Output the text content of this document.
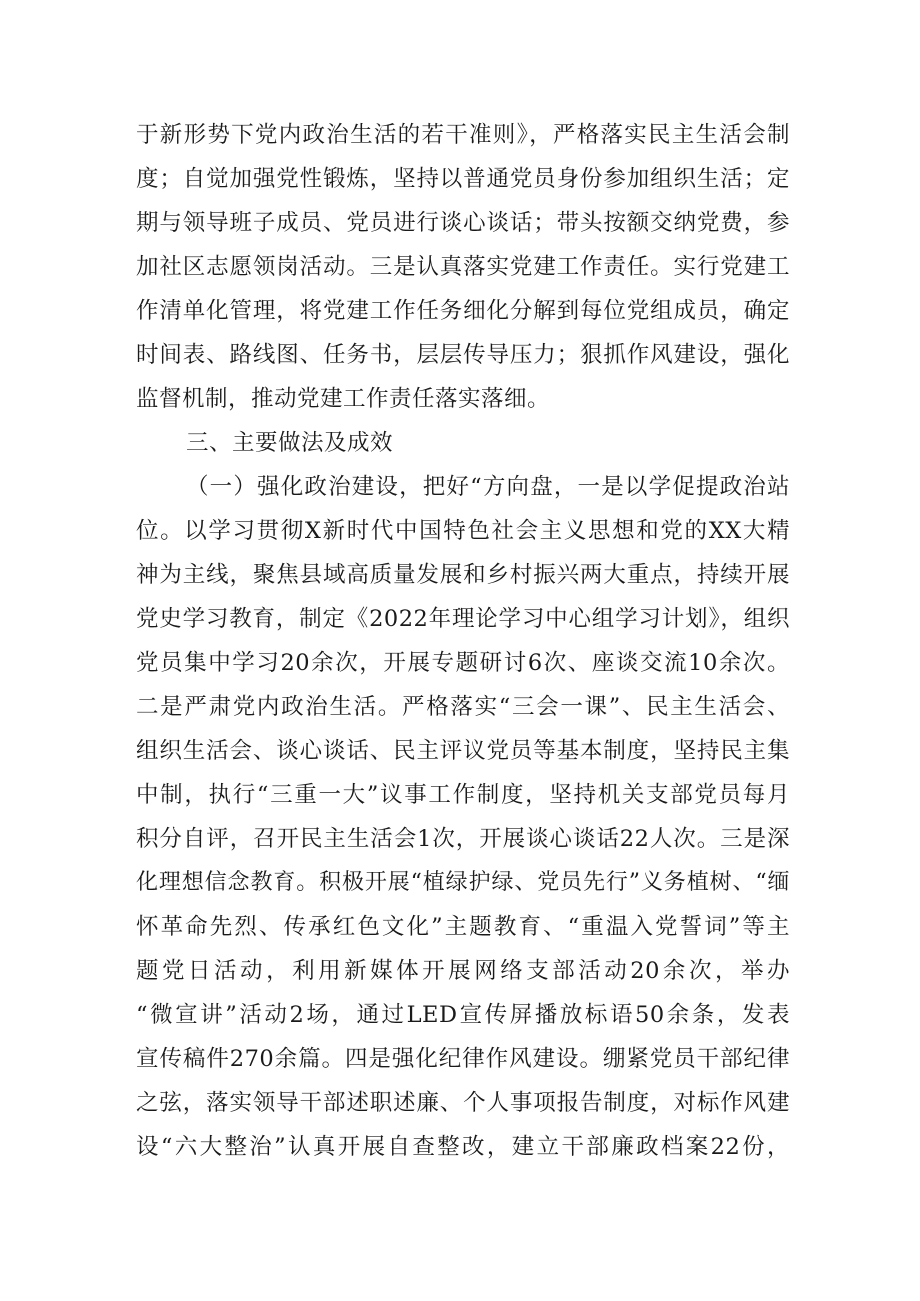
于新形势下党内政治生活的若干准则》，严格落实民主生活会制
度；自觉加强党性锻炼，坚持以普通党员身份参加组织生活；定
期与领导班子成员、党员进行谈心谈话；带头按额交纳党费，参
加社区志愿领岗活动。三是认真落实党建工作责任。实行党建工
作清单化管理，将党建工作任务细化分解到每位党组成员，确定
时间表、路线图、任务书，层层传导压力；狠抓作风建设，强化
监督机制，推动党建工作责任落实落细。
三、主要做法及成效
（一）强化政治建设，把好“方向盘，一是以学促提政治站
位。以学习贯彻X新时代中国特色社会主义思想和党的XX大精
神为主线，聚焦县域高质量发展和乡村振兴两大重点，持续开展
党史学习教育，制定《2022年理论学习中心组学习计划》，组织
党员集中学习20余次，开展专题研讨6次、座谈交流10余次。
二是严肃党内政治生活。严格落实“三会一课”、民主生活会、
组织生活会、谈心谈话、民主评议党员等基本制度，坚持民主集
中制，执行“三重一大”议事工作制度，坚持机关支部党员每月
积分自评，召开民主生活会1次，开展谈心谈话22人次。三是深
化理想信念教育。积极开展“植绿护绿、党员先行”义务植树、“缅
怀革命先烈、传承红色文化”主题教育、“重温入党誓词”等主
题党日活动，利用新媒体开展网络支部活动20余次，举办
“微宣讲”活动2场，通过LED宣传屏播放标语50余条，发表
宣传稿件270余篇。四是强化纪律作风建设。绷紧党员干部纪律
之弦，落实领导干部述职述廉、个人事项报告制度，对标作风建
设“六大整治”认真开展自查整改，建立干部廉政档案22份，
